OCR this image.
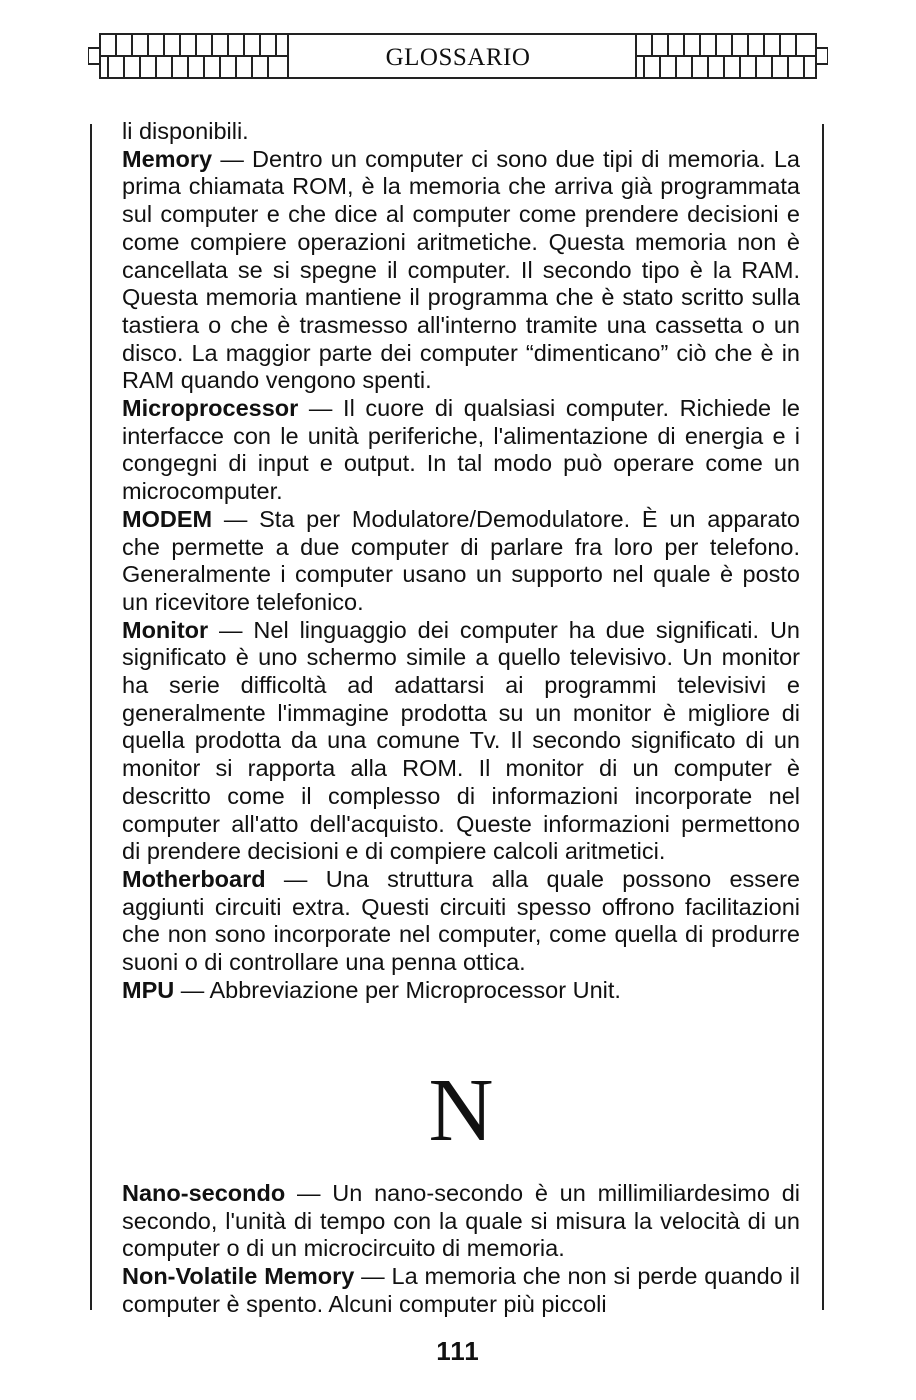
GLOSSARIO

li disponibili.

Memory — Dentro un computer ci sono due tipi di memoria. La prima chiamata ROM, è la memoria che arriva già programmata sul computer e che dice al computer come prendere decisioni e come compiere operazioni aritmetiche. Questa memoria non è cancellata se si spegne il computer. Il secondo tipo è la RAM. Questa memoria mantiene il programma che è stato scritto sulla tastiera o che è trasmesso all'interno tramite una cassetta o un disco. La maggior parte dei computer “dimenticano” ciò che è in RAM quando vengono spenti.

Microprocessor — Il cuore di qualsiasi computer. Richiede le interfacce con le unità periferiche, l'alimentazione di energia e i congegni di input e output. In tal modo può operare come un microcomputer.

MODEM — Sta per Modulatore/Demodulatore. È un apparato che permette a due computer di parlare fra loro per telefono. Generalmente i computer usano un supporto nel quale è posto un ricevitore telefonico.

Monitor — Nel linguaggio dei computer ha due significati. Un significato è uno schermo simile a quello televisivo. Un monitor ha serie difficoltà ad adattarsi ai programmi televisivi e generalmente l'immagine prodotta su un monitor è migliore di quella prodotta da una comune Tv. Il secondo significato di un monitor si rapporta alla ROM. Il monitor di un computer è descritto come il complesso di informazioni incorporate nel computer all'atto dell'acquisto. Queste informazioni permettono di prendere decisioni e di compiere calcoli aritmetici.

Motherboard — Una struttura alla quale possono essere aggiunti circuiti extra. Questi circuiti spesso offrono facilitazioni che non sono incorporate nel computer, come quella di produrre suoni o di controllare una penna ottica.

MPU — Abbreviazione per Microprocessor Unit.

N

Nano-secondo — Un nano-secondo è un millimiliardesimo di secondo, l'unità di tempo con la quale si misura la velocità di un computer o di un microcircuito di memoria.

Non-Volatile Memory — La memoria che non si perde quando il computer è spento. Alcuni computer più piccoli

111
